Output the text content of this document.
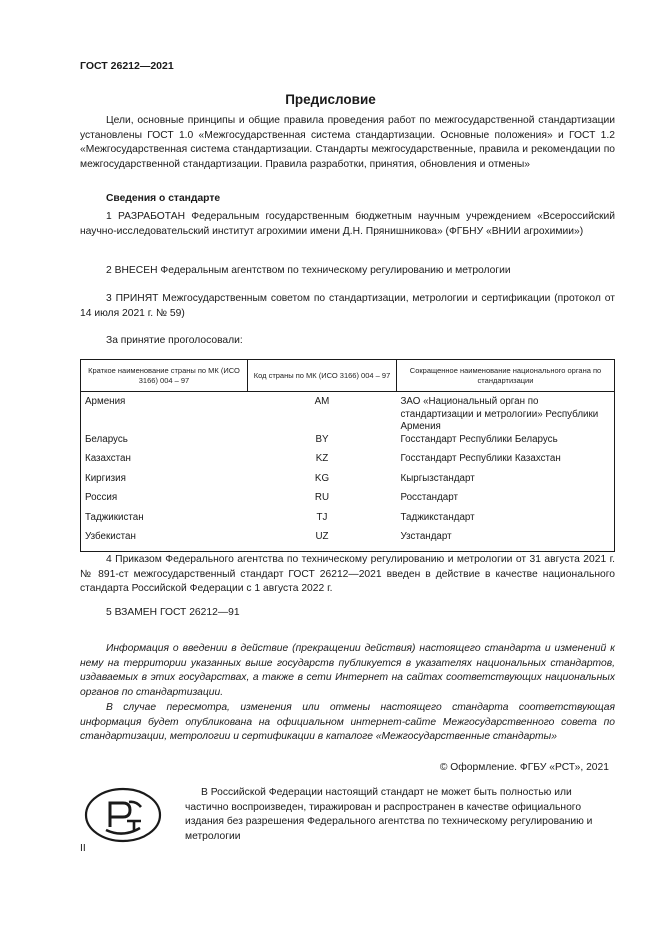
ГОСТ 26212—2021
Предисловие
Цели, основные принципы и общие правила проведения работ по межгосударственной стандартизации установлены ГОСТ 1.0 «Межгосударственная система стандартизации. Основные положения» и ГОСТ 1.2 «Межгосударственная система стандартизации. Стандарты межгосударственные, правила и рекомендации по межгосударственной стандартизации. Правила разработки, принятия, обновления и отмены»
Сведения о стандарте
1 РАЗРАБОТАН Федеральным государственным бюджетным научным учреждением «Всероссийский научно-исследовательский институт агрохимии имени Д.Н. Прянишникова» (ФГБНУ «ВНИИ агрохимии»)
2 ВНЕСЕН Федеральным агентством по техническому регулированию и метрологии
3 ПРИНЯТ Межгосударственным советом по стандартизации, метрологии и сертификации (протокол от 14 июля 2021 г. № 59)
За принятие проголосовали:
Краткое наименование страны по МК (ИСО 3166) 004 – 97	Код страны по МК (ИСО 3166) 004 – 97	Сокращенное наименование национального органа по стандартизации
Армения	AM	ЗАО «Национальный орган по стандартизации и метрологии» Республики Армения
Беларусь	BY	Госстандарт Республики Беларусь
Казахстан	KZ	Госстандарт Республики Казахстан
Киргизия	KG	Кыргызстандарт
Россия	RU	Росстандарт
Таджикистан	TJ	Таджикстандарт
Узбекистан	UZ	Узстандарт
4 Приказом Федерального агентства по техническому регулированию и метрологии от 31 августа 2021 г. № 891-ст межгосударственный стандарт ГОСТ 26212—2021 введен в действие в качестве национального стандарта Российской Федерации с 1 августа 2022 г.
5 ВЗАМЕН ГОСТ 26212—91
Информация о введении в действие (прекращении действия) настоящего стандарта и изменений к нему на территории указанных выше государств публикуется в указателях национальных стандартов, издаваемых в этих государствах, а также в сети Интернет на сайтах соответствующих национальных органов по стандартизации.
В случае пересмотра, изменения или отмены настоящего стандарта соответствующая информация будет опубликована на официальном интернет-сайте Межгосударственного совета по стандартизации, метрологии и сертификации в каталоге «Межгосударственные стандарты»
© Оформление. ФГБУ «РСТ», 2021
В Российской Федерации настоящий стандарт не может быть полностью или частично воспроизведен, тиражирован и распространен в качестве официального издания без разрешения Федерального агентства по техническому регулированию и метрологии
II
